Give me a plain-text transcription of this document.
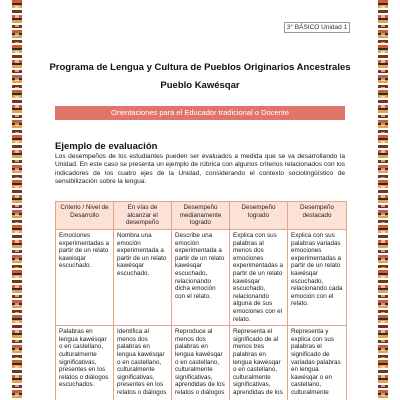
3° BÁSICO Unidad 1
Programa de Lengua y Cultura de Pueblos Originarios Ancestrales
Pueblo Kawésqar
Orientaciones para el Educador tradicional o Docente
Ejemplo de evaluación
Los desempeños de los estudiantes pueden ser evaluados a medida que se va desarrollando la Unidad. En este caso se presenta un ejemplo de rúbrica con algunos criterios relacionados con los indicadores de los cuatro ejes de la Unidad, considerando el contexto sociolingüístico de sensibilización sobre la lengua:
Criterio / Nivel de Desarrollo	En vías de alcanzar el desempeño	Desempeño medianamente logrado	Desempeño logrado	Desempeño destacado
Emociones experimentadas a partir de un relato kawésqar escuchado.	Nombra una emoción experimentada a partir de un relato kawésqar escuchado.	Describe una emoción experimentada a partir de un relato kawésqar escuchado, relacionando dicha emoción con el relato.	Explica con sus palabras al menos dos emociones experimentadas a partir de un relato kawésqar escuchado, relacionando alguna de sus emociones con el relato.	Explica con sus palabras variadas emociones experimentadas a partir de un relato kawésqar escuchado, relacionando cada emoción con el relato.
Palabras en lengua kawésqar o en castellano, culturalmente significativas, presentes en los relatos o diálogos escuchados.	Identifica al menos dos palabras en lengua kawésqar o en castellano, culturalmente significativas, presentes en los relatos o diálogos	Reproduce al menos dos palabras en lengua kawésqar o en castellano, culturalmente significativas, aprendidas de los relatos o diálogos	Representa el significado de al menos tres palabras en lengua kawésqar o en castellano, culturalmente significativas, aprendidas de los	Representa y explica con sus palabras el significado de variadas palabras en lengua kawésqar o en castellano, culturalmente
